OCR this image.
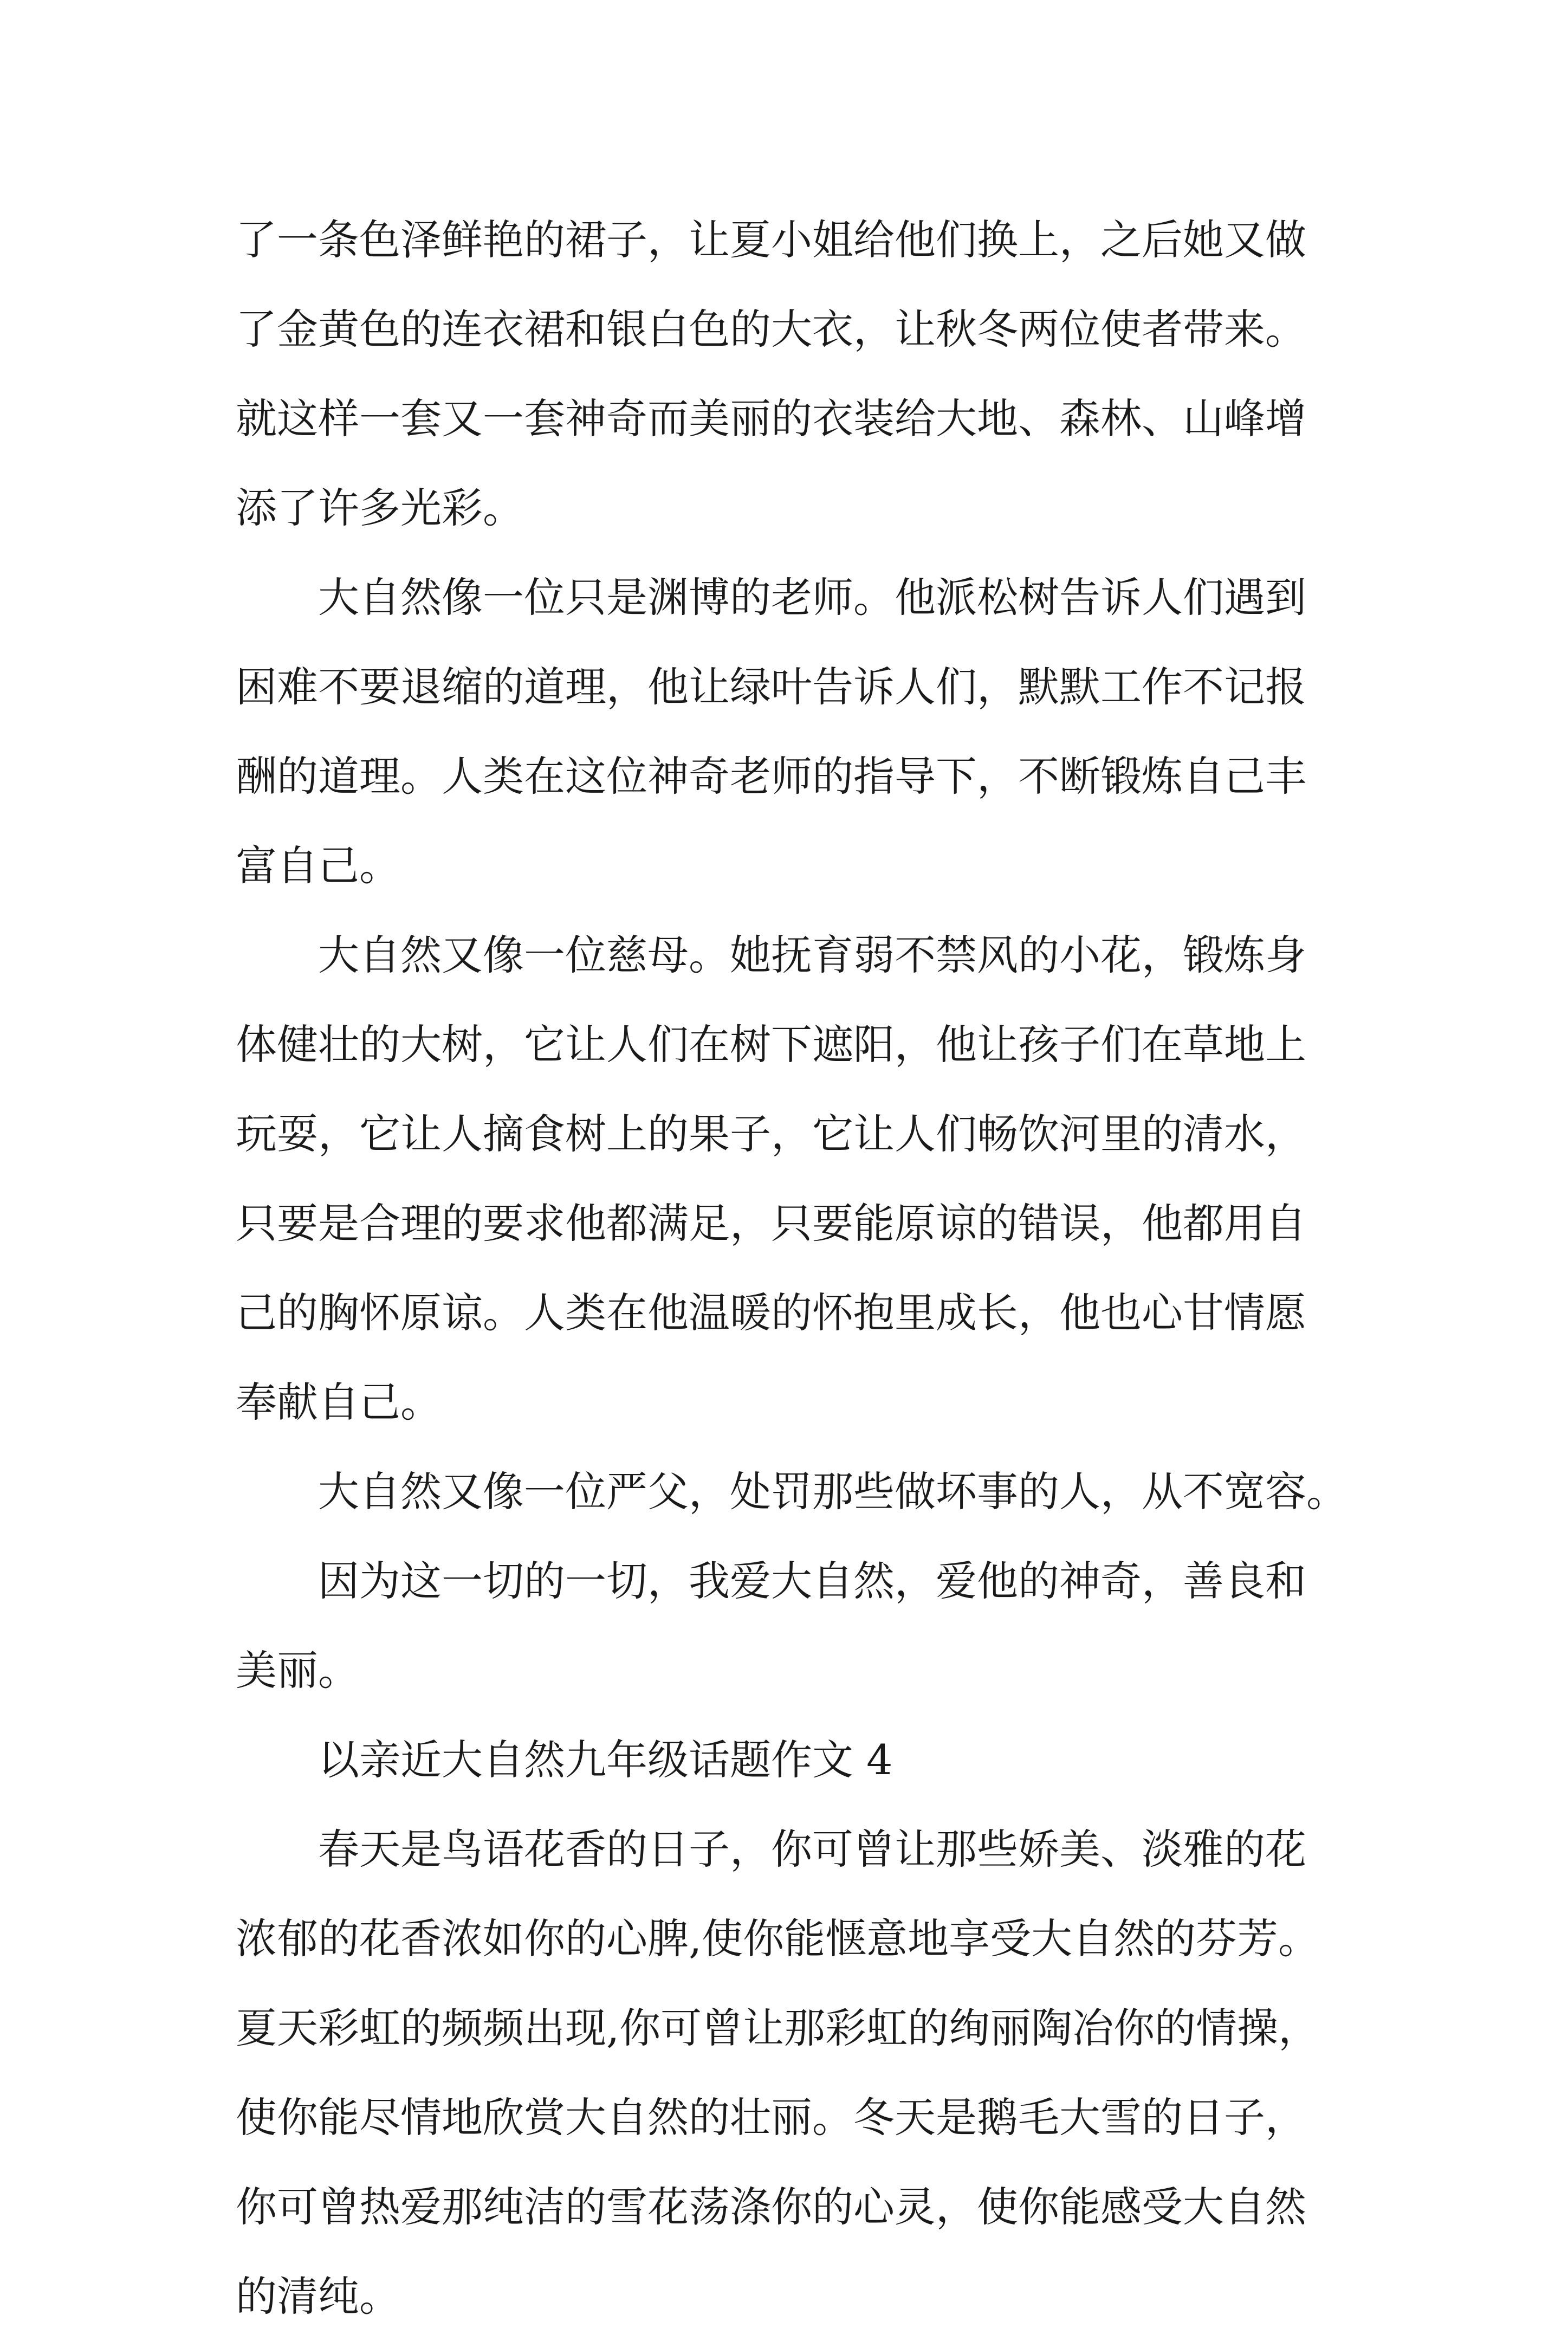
了一条色泽鲜艳的裙子，让夏小姐给他们换上，之后她又做
了金黄色的连衣裙和银白色的大衣，让秋冬两位使者带来。
就这样一套又一套神奇而美丽的衣装给大地、森林、山峰增
添了许多光彩。
大自然像一位只是渊博的老师。他派松树告诉人们遇到
困难不要退缩的道理，他让绿叶告诉人们，默默工作不记报
酬的道理。人类在这位神奇老师的指导下，不断锻炼自己丰
富自己。
大自然又像一位慈母。她抚育弱不禁风的小花，锻炼身
体健壮的大树，它让人们在树下遮阳，他让孩子们在草地上
玩耍，它让人摘食树上的果子，它让人们畅饮河里的清水，
只要是合理的要求他都满足，只要能原谅的错误，他都用自
己的胸怀原谅。人类在他温暖的怀抱里成长，他也心甘情愿
奉献自己。
大自然又像一位严父，处罚那些做坏事的人，从不宽容。
因为这一切的一切，我爱大自然，爱他的神奇，善良和
美丽。
以亲近大自然九年级话题作文 4
春天是鸟语花香的日子，你可曾让那些娇美、淡雅的花
浓郁的花香浓如你的心脾,使你能惬意地享受大自然的芬芳。
夏天彩虹的频频出现,你可曾让那彩虹的绚丽陶冶你的情操，
使你能尽情地欣赏大自然的壮丽。冬天是鹅毛大雪的日子，
你可曾热爱那纯洁的雪花荡涤你的心灵，使你能感受大自然
的清纯。
